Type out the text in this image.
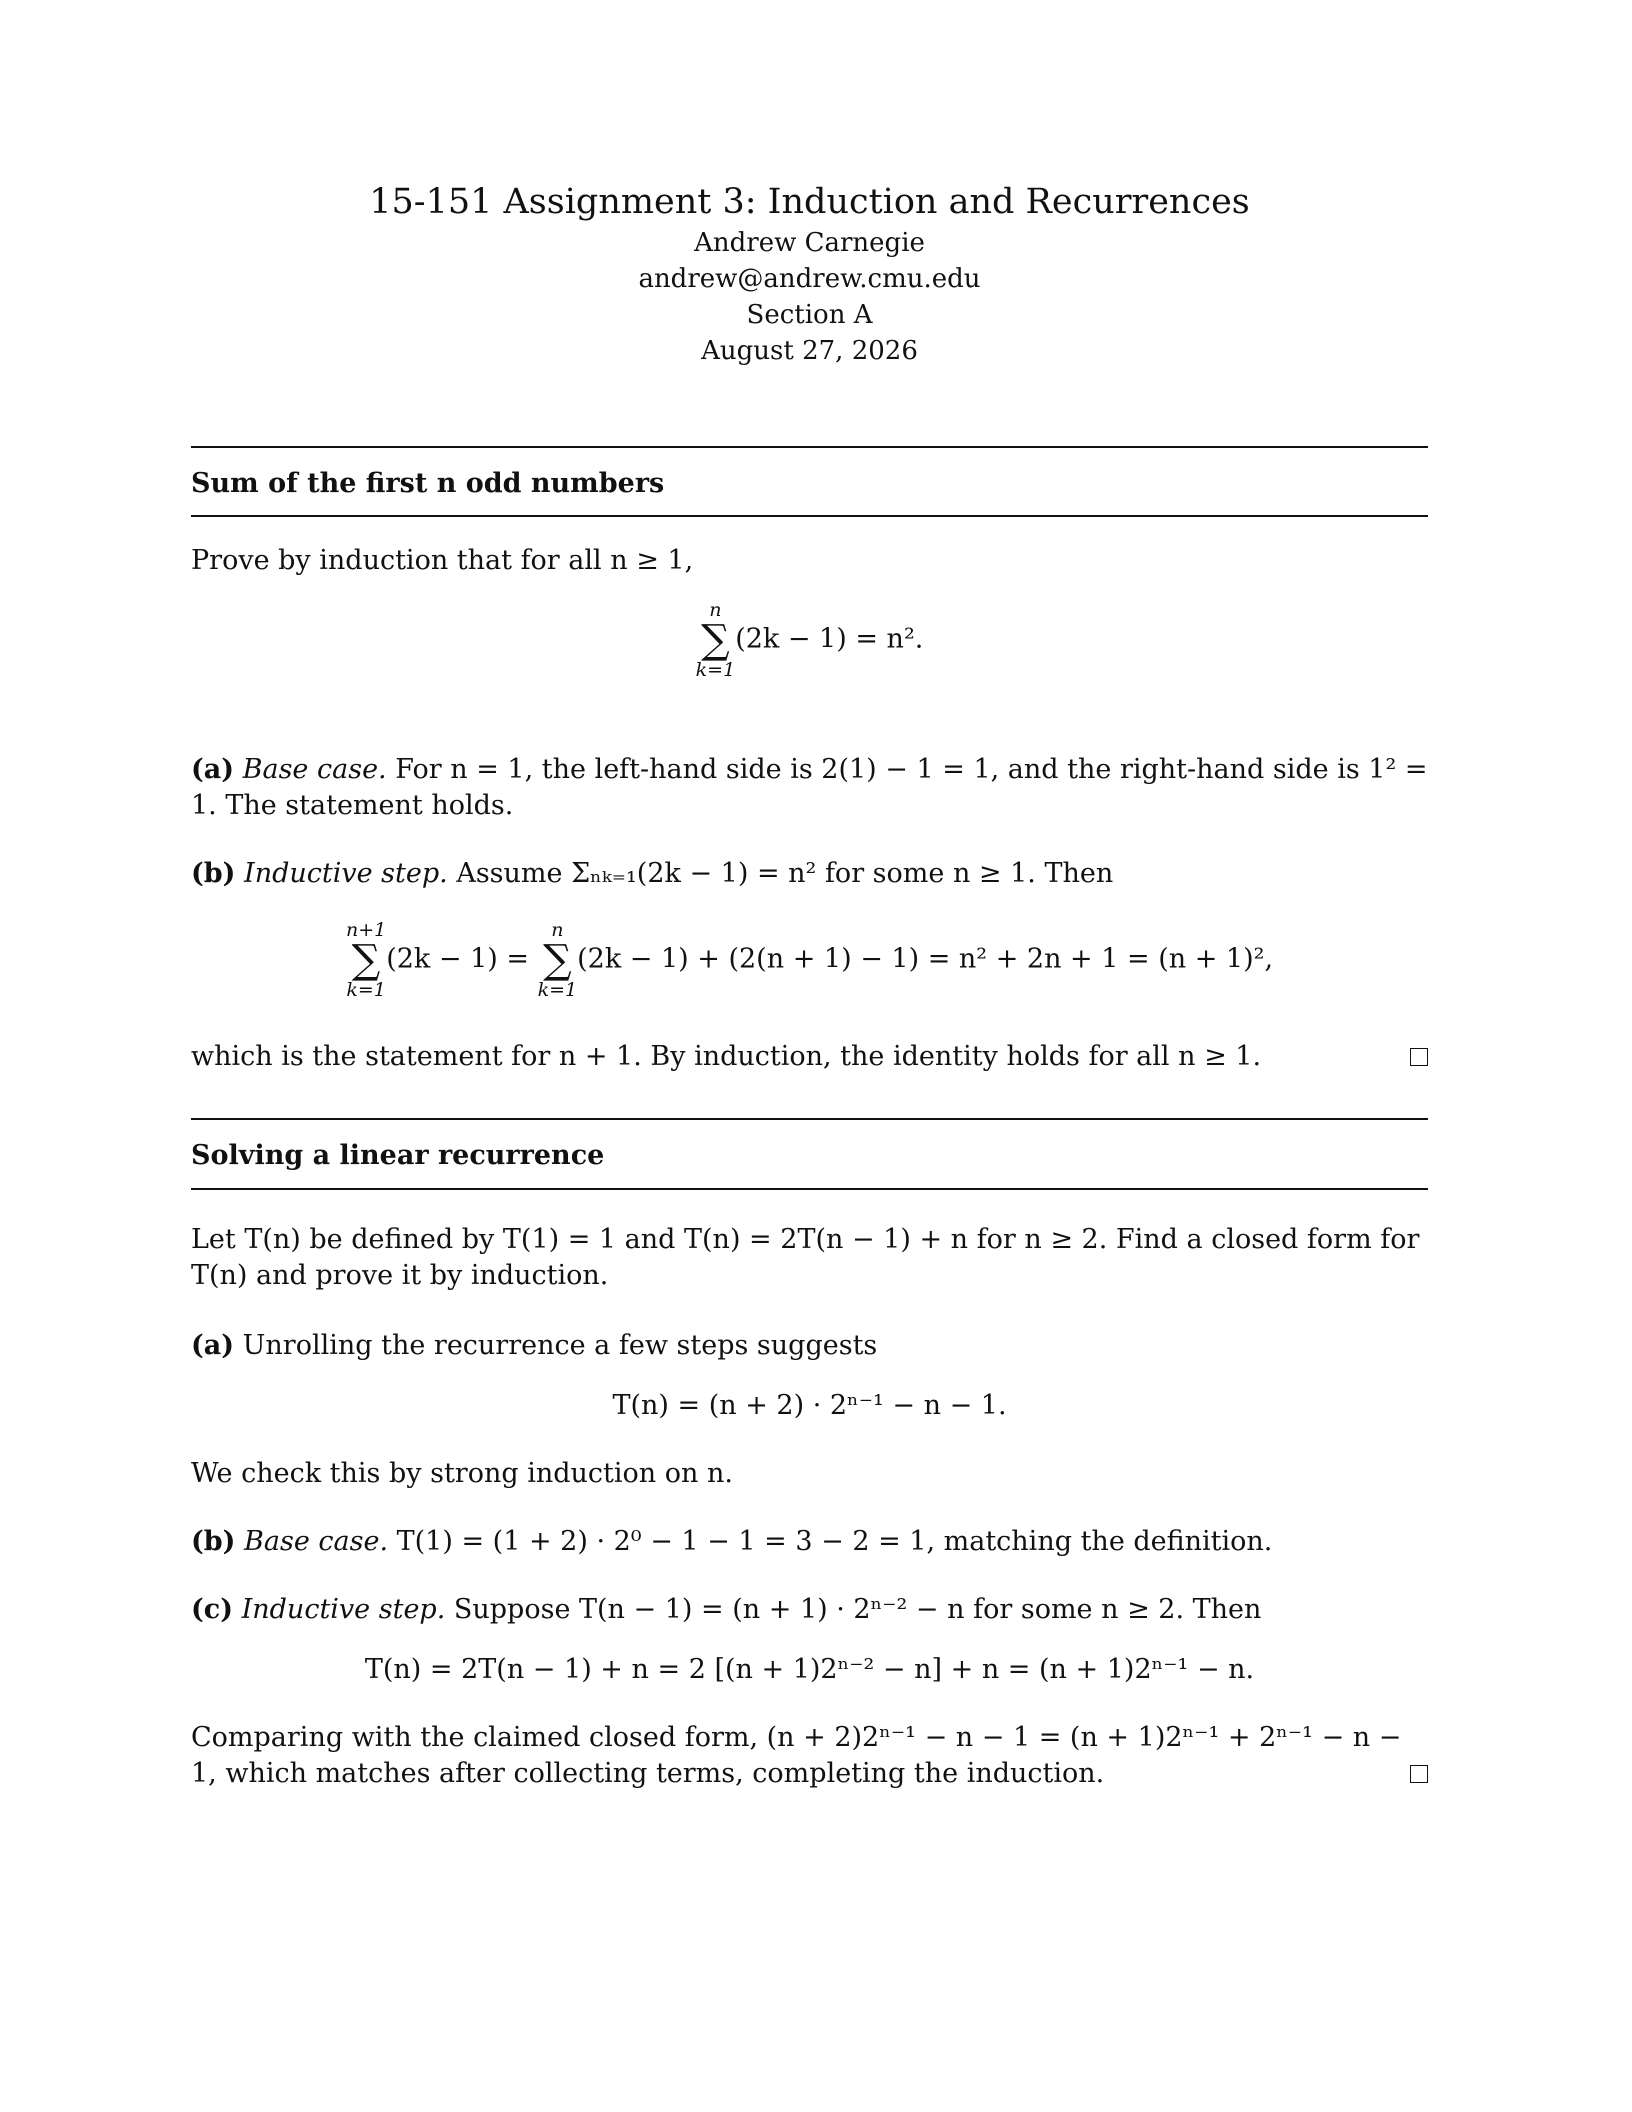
15-151 Assignment 3: Induction and Recurrences
Andrew Carnegie
andrew@andrew.cmu.edu
Section A
August 27, 2026
Sum of the first n odd numbers
Prove by induction that for all n ≥ 1,
n
∑
k=1
(2k − 1) = n².
(a) Base case. For n = 1, the left-hand side is 2(1) − 1 = 1, and the right-hand side is 1² = 1. The statement holds.
(b) Inductive step. Assume Σₙₖ₌₁(2k − 1) = n² for some n ≥ 1. Then
n+1
∑
k=1
(2k − 1) =
n
∑
k=1
(2k − 1) + (2(n + 1) − 1) = n² + 2n + 1 = (n + 1)²,
which is the statement for n + 1. By induction, the identity holds for all n ≥ 1.
Solving a linear recurrence
Let T(n) be defined by T(1) = 1 and T(n) = 2T(n − 1) + n for n ≥ 2. Find a closed form for T(n) and prove it by induction.
(a) Unrolling the recurrence a few steps suggests
T(n) = (n + 2) · 2ⁿ⁻¹ − n − 1.
We check this by strong induction on n.
(b) Base case. T(1) = (1 + 2) · 2⁰ − 1 − 1 = 3 − 2 = 1, matching the definition.
(c) Inductive step. Suppose T(n − 1) = (n + 1) · 2ⁿ⁻² − n for some n ≥ 2. Then
T(n) = 2T(n − 1) + n = 2 [(n + 1)2ⁿ⁻² − n] + n = (n + 1)2ⁿ⁻¹ − n.
Comparing with the claimed closed form, (n + 2)2ⁿ⁻¹ − n − 1 = (n + 1)2ⁿ⁻¹ + 2ⁿ⁻¹ − n − 1, which matches after collecting terms, completing the induction.
